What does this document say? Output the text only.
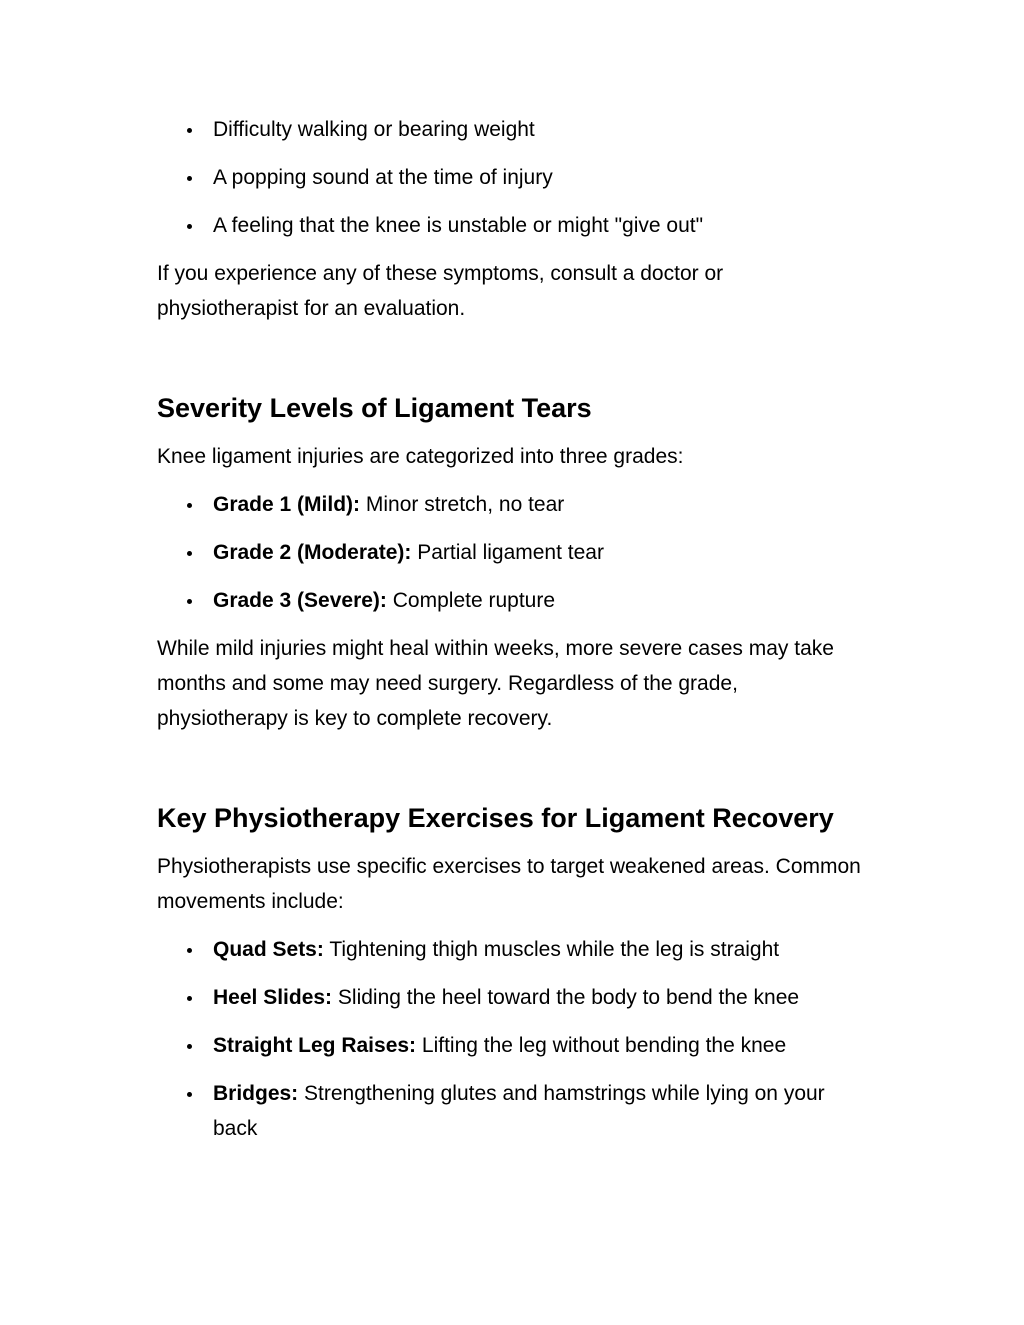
Difficulty walking or bearing weight
A popping sound at the time of injury
A feeling that the knee is unstable or might "give out"

If you experience any of these symptoms, consult a doctor or physiotherapist for an evaluation.

Severity Levels of Ligament Tears

Knee ligament injuries are categorized into three grades:

Grade 1 (Mild): Minor stretch, no tear
Grade 2 (Moderate): Partial ligament tear
Grade 3 (Severe): Complete rupture

While mild injuries might heal within weeks, more severe cases may take months and some may need surgery. Regardless of the grade, physiotherapy is key to complete recovery.

Key Physiotherapy Exercises for Ligament Recovery

Physiotherapists use specific exercises to target weakened areas. Common movements include:

Quad Sets: Tightening thigh muscles while the leg is straight
Heel Slides: Sliding the heel toward the body to bend the knee
Straight Leg Raises: Lifting the leg without bending the knee
Bridges: Strengthening glutes and hamstrings while lying on your back
